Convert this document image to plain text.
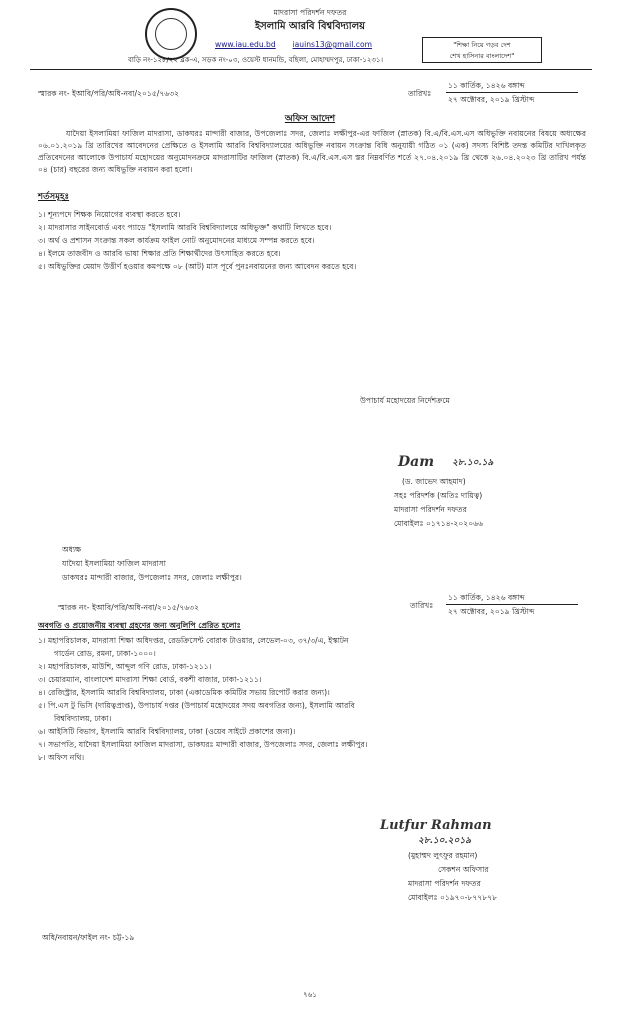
মাদরাসা পরিদর্শন দফতর
ইসলামি আরবি বিশ্ববিদ্যালয়
www.iau.edu.bd iauins13@gmail.com	"শিক্ষা নিয়ে গড়ব দেশ
শেখ হাসিনার বাংলাদেশ"
বাড়ি নং-১২৮/২২ ব্লক-এ, সড়ক নং-০৩, ওয়েস্ট ধানমন্ডি, বছিলা, মোহাম্মদপুর, ঢাকা-১২৩১।
স্মারক নং- ইআবি/পরি/অধি-নবা/২০১৫/৭৬৩২	তারিখঃ
১১ কার্তিক, ১৪২৬ বঙ্গাব্দ
২৭ অক্টোবর, ২০১৯ খ্রিস্টাব্দ
অফিস আদেশ
যাদৈয়া ইসলামিয়া ফাজিল মাদরাসা, ডাকঘরঃ মান্দারী বাজার, উপজেলাঃ সদর, জেলাঃ লক্ষীপুর-এর ফাজিল (স্নাতক) বি.এ/বি.এস.এস অধিভুক্তি নবায়নের বিষয়ে অধ্যক্ষের ০৬.০১.২০১৯ খ্রি তারিখের আবেদনের প্রেক্ষিতে ও ইসলামি আরবি বিশ্ববিদ্যালয়ের অধিভুক্তি নবায়ন সংক্রান্ত বিধি অনুযায়ী গঠিত ০১ (এক) সদস্য বিশিষ্ট তদন্ত কমিটির দাখিলকৃত প্রতিবেদনের আলোকে উপাচার্য মহোদয়ের অনুমোদনক্রমে মাদরাসাটির ফাজিল (স্নাতক) বি.এ/বি.এস.এস স্তর নিম্নবর্ণিত শর্তে ২৭.০৪.২০১৯ খ্রি থেকে ২৬.০৪.২০২৩ খ্রি তারিখ পর্যন্ত ০৪ (চার) বছরের জন্য অধিভুক্তি নবায়ন করা হলো।
শর্তসমূহঃ
১। শূন্যপদে শিক্ষক নিয়োগের ব্যবস্থা করতে হবে।
২। মাদরাসার সাইনবোর্ড এবং প্যাডে "ইসলামি আরবি বিশ্ববিদ্যালয়ে অধিভুক্ত" কথাটি লিখতে হবে।
৩। অর্থ ও প্রশাসন সংক্রান্ত সকল কার্যক্রম ফাইল নোট অনুমোদনের মাধ্যমে সম্পন্ন করতে হবে।
৪। ইলমে তাজবীদ ও আরবি ভাষা শিক্ষার প্রতি শিক্ষার্থীদের উৎসাহিত করতে হবে।
৫। অধিভুক্তির মেয়াদ উত্তীর্ণ হওয়ার কমপক্ষে ০৮ (আট) মাস পূর্বে পুনঃনবায়নের জন্য আবেদন করতে হবে।
উপাচার্য মহোদয়ের নির্দেশক্রমে
Dam ২৮.১০.১৯
(ড. জাভেদ আহমাদ)
সহঃ পরিদর্শক (অতিঃ দায়িত্ব)
মাদরাসা পরিদর্শন দফতর
মোবাইলঃ ০১৭১৪-২০২০৬৬
অধ্যক্ষ
যাদৈয়া ইসলামিয়া ফাজিল মাদরাসা
ডাকঘরঃ মান্দারী বাজার, উপজেলাঃ সদর, জেলাঃ লক্ষীপুর।
স্মারক নং- ইআবি/পরি/অধি-নবা/২০১৫/৭৬৩২	তারিখঃ
১১ কার্তিক, ১৪২৬ বঙ্গাব্দ
২৭ অক্টোবর, ২০১৯ খ্রিস্টাব্দ
অবগতি ও প্রয়োজনীয় ব্যবস্থা গ্রহণের জন্য অনুলিপি প্রেরিত হলোঃ
১। মহাপরিচালক, মাদরাসা শিক্ষা অধিদপ্তর, রেডক্রিসেন্ট বোরাক টাওয়ার, লেভেল-০৩, ৩৭/৩/এ, ইস্কাটন
গার্ডেন রোড, রমনা, ঢাকা-১০০০।
২। মহাপরিচালক, মাউশি, আব্দুল গণি রোড, ঢাকা-১২১১।
৩। চেয়ারম্যান, বাংলাদেশ মাদরাসা শিক্ষা বোর্ড, বকশী বাজার, ঢাকা-১২১১।
৪। রেজিস্ট্রার, ইসলামি আরবি বিশ্ববিদ্যালয়, ঢাকা (একাডেমিক কমিটির সভায় রিপোর্ট করার জন্য)।
৫। পি.এস টু ভিসি (দায়িত্বপ্রাপ্ত), উপাচার্য দপ্তর (উপাচার্য মহোদয়ের সদয় অবগতির জন্য), ইসলামি আরবি
বিশ্ববিদ্যালয়, ঢাকা।
৬। আইসিটি বিভাগ, ইসলামি আরবি বিশ্ববিদ্যালয়, ঢাকা (ওয়েব সাইটে প্রকাশের জন্য)।
৭। সভাপতি, যাদৈয়া ইসলামিয়া ফাজিল মাদরাসা, ডাকঘরঃ মান্দারী বাজার, উপজেলাঃ সদর, জেলাঃ লক্ষীপুর।
৮। অফিস নথি।
Lutfur Rahman
২৮.১০.২০১৯
(মুহাম্মদ লুৎফুর রহমান)
সেকশন অফিসার
মাদরাসা পরিদর্শন দফতর
মোবাইলঃ ০১৯৭০-৮৭৭৮৭৮
অধি/নবায়ন/ফাইল নং- চট্ট-১৯
৭৬১
